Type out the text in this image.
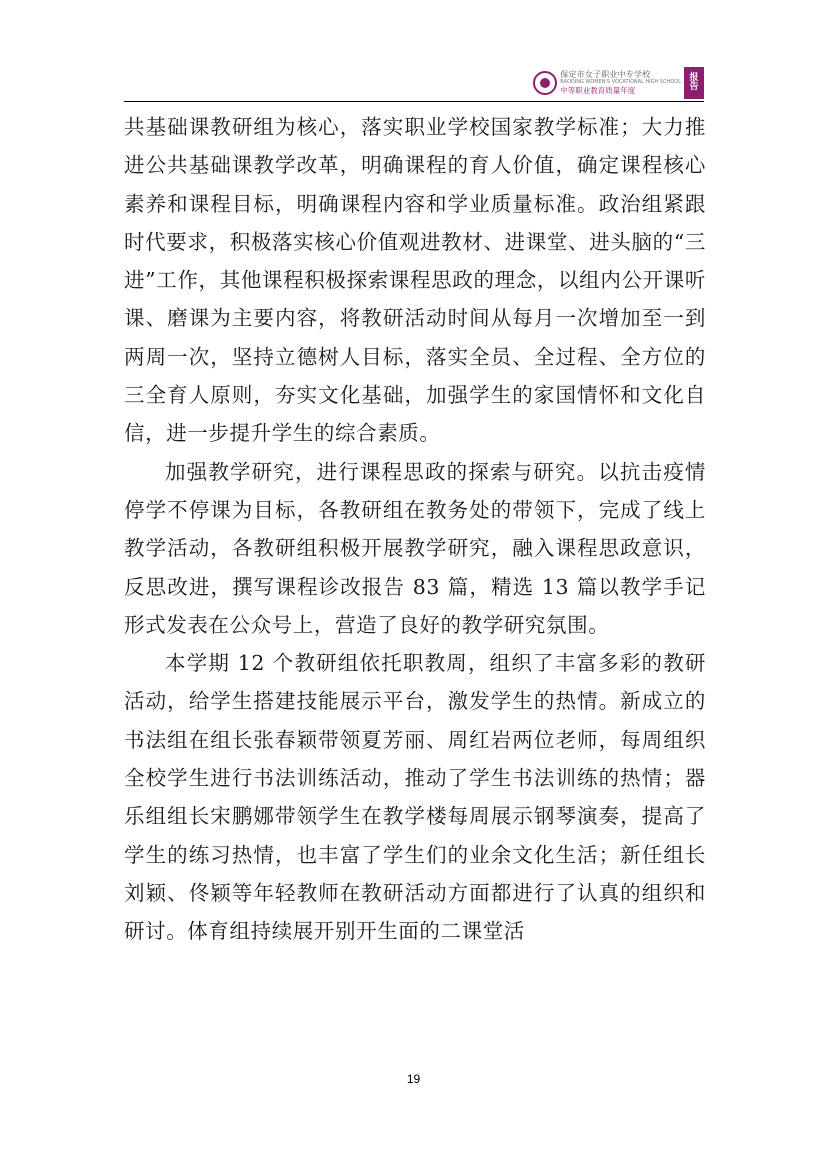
保定市女子职业中专学校
BAODING WOMEN'S VOCATIONAL HIGH SCHOOL
中等职业教育质量年度
报
告

共基础课教研组为核心，落实职业学校国家教学标准；大力推进公共基础课教学改革，明确课程的育人价值，确定课程核心素养和课程目标，明确课程内容和学业质量标准。政治组紧跟时代要求，积极落实核心价值观进教材、进课堂、进头脑的“三进”工作，其他课程积极探索课程思政的理念，以组内公开课听课、磨课为主要内容，将教研活动时间从每月一次增加至一到两周一次，坚持立德树人目标，落实全员、全过程、全方位的三全育人原则，夯实文化基础，加强学生的家国情怀和文化自信，进一步提升学生的综合素质。

加强教学研究，进行课程思政的探索与研究。以抗击疫情停学不停课为目标，各教研组在教务处的带领下，完成了线上教学活动，各教研组积极开展教学研究，融入课程思政意识，反思改进，撰写课程诊改报告 83 篇，精选 13 篇以教学手记形式发表在公众号上，营造了良好的教学研究氛围。

本学期 12 个教研组依托职教周，组织了丰富多彩的教研活动，给学生搭建技能展示平台，激发学生的热情。新成立的书法组在组长张春颖带领夏芳丽、周红岩两位老师，每周组织全校学生进行书法训练活动，推动了学生书法训练的热情；器乐组组长宋鹏娜带领学生在教学楼每周展示钢琴演奏，提高了学生的练习热情，也丰富了学生们的业余文化生活；新任组长刘颖、佟颖等年轻教师在教研活动方面都进行了认真的组织和研讨。体育组持续展开别开生面的二课堂活

19
